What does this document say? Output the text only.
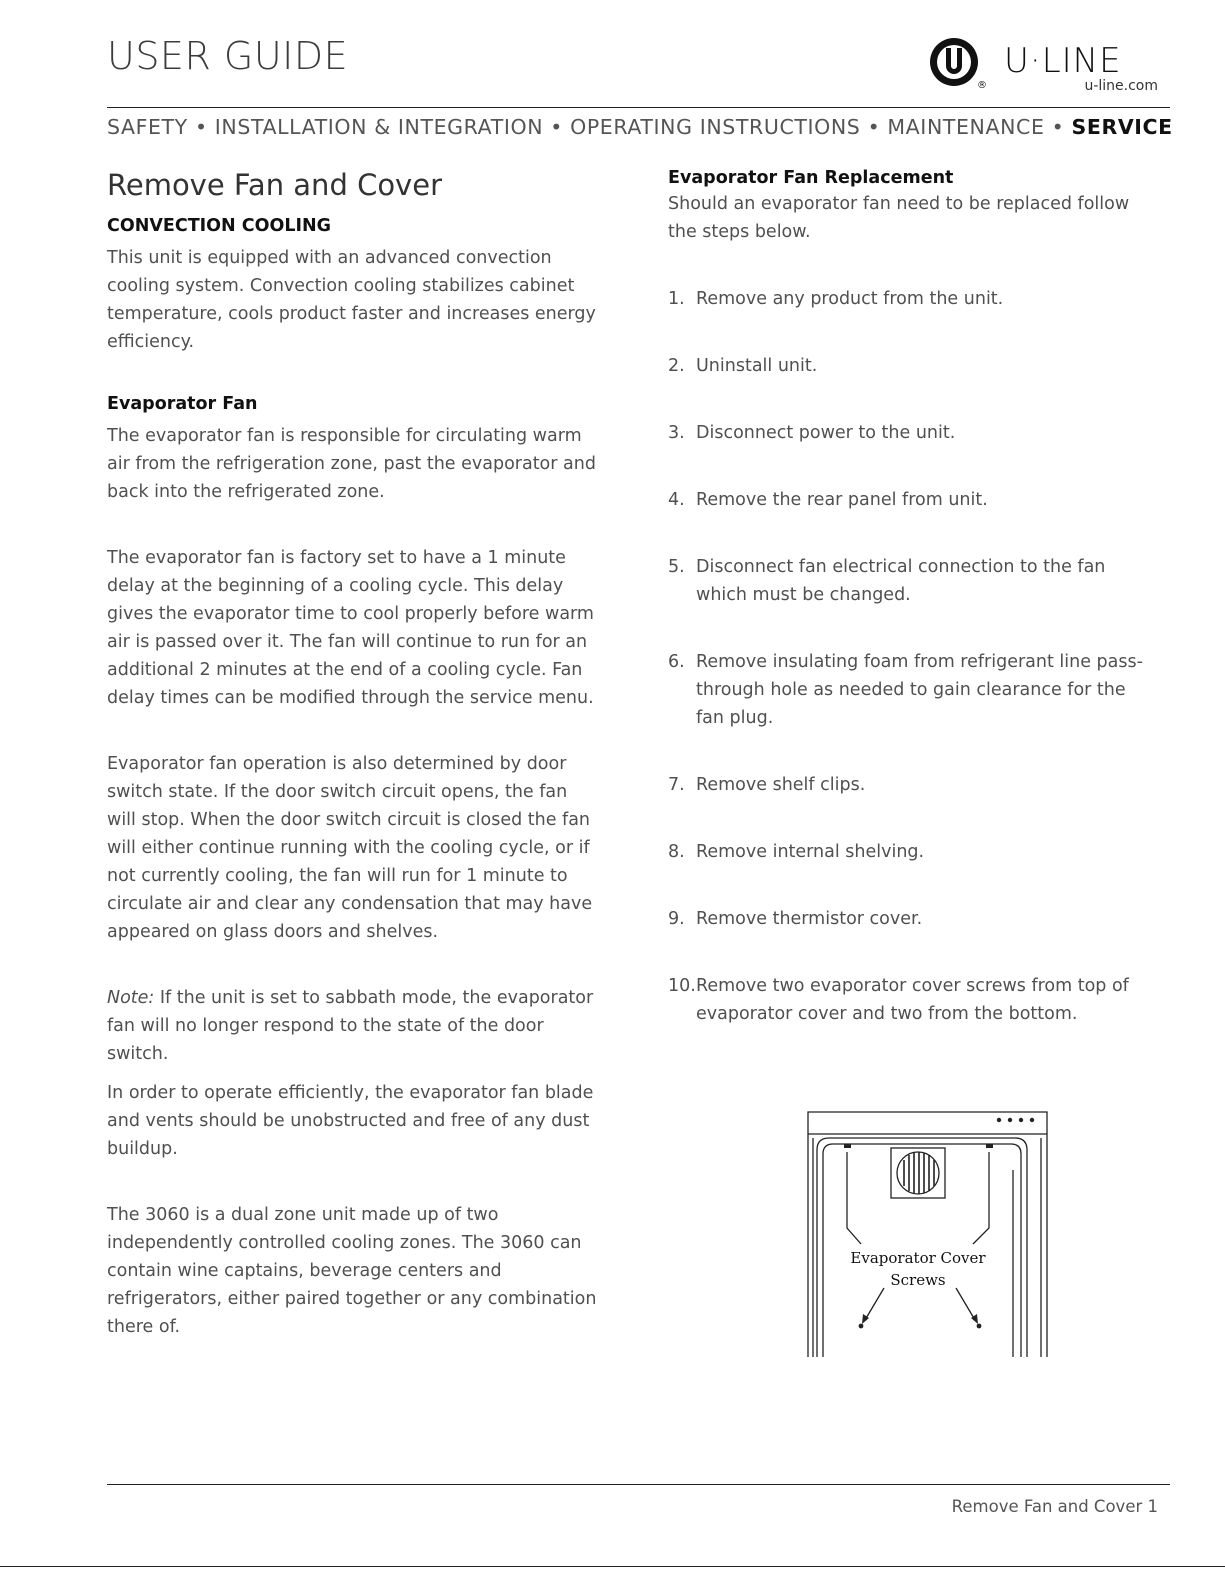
USER GUIDE
®
U·LINE
u-line.com
SAFETY • INSTALLATION & INTEGRATION • OPERATING INSTRUCTIONS • MAINTENANCE • SERVICE
Remove Fan and Cover
CONVECTION COOLING

This unit is equipped with an advanced convection cooling system. Convection cooling stabilizes cabinet temperature, cools product faster and increases energy efficiency.

Evaporator Fan

The evaporator fan is responsible for circulating warm air from the refrigeration zone, past the evaporator and back into the refrigerated zone.

The evaporator fan is factory set to have a 1 minute delay at the beginning of a cooling cycle. This delay gives the evaporator time to cool properly before warm air is passed over it. The fan will continue to run for an additional 2 minutes at the end of a cooling cycle. Fan delay times can be modified through the service menu.

Evaporator fan operation is also determined by door switch state. If the door switch circuit opens, the fan will stop. When the door switch circuit is closed the fan will either continue running with the cooling cycle, or if not currently cooling, the fan will run for 1 minute to circulate air and clear any condensation that may have appeared on glass doors and shelves.

Note: If the unit is set to sabbath mode, the evaporator fan will no longer respond to the state of the door switch.

In order to operate efficiently, the evaporator fan blade and vents should be unobstructed and free of any dust buildup.

The 3060 is a dual zone unit made up of two independently controlled cooling zones. The 3060 can contain wine captains, beverage centers and refrigerators, either paired together or any combination there of.

Evaporator Fan Replacement

Should an evaporator fan need to be replaced follow the steps below.

1. Remove any product from the unit.
2. Uninstall unit.
3. Disconnect power to the unit.
4. Remove the rear panel from unit.
5. Disconnect fan electrical connection to the fan which must be changed.
6. Remove insulating foam from refrigerant line pass-through hole as needed to gain clearance for the fan plug.
7. Remove shelf clips.
8. Remove internal shelving.
9. Remove thermistor cover.
10. Remove two evaporator cover screws from top of evaporator cover and two from the bottom.
Evaporator Cover
Screws
Remove Fan and Cover 1
